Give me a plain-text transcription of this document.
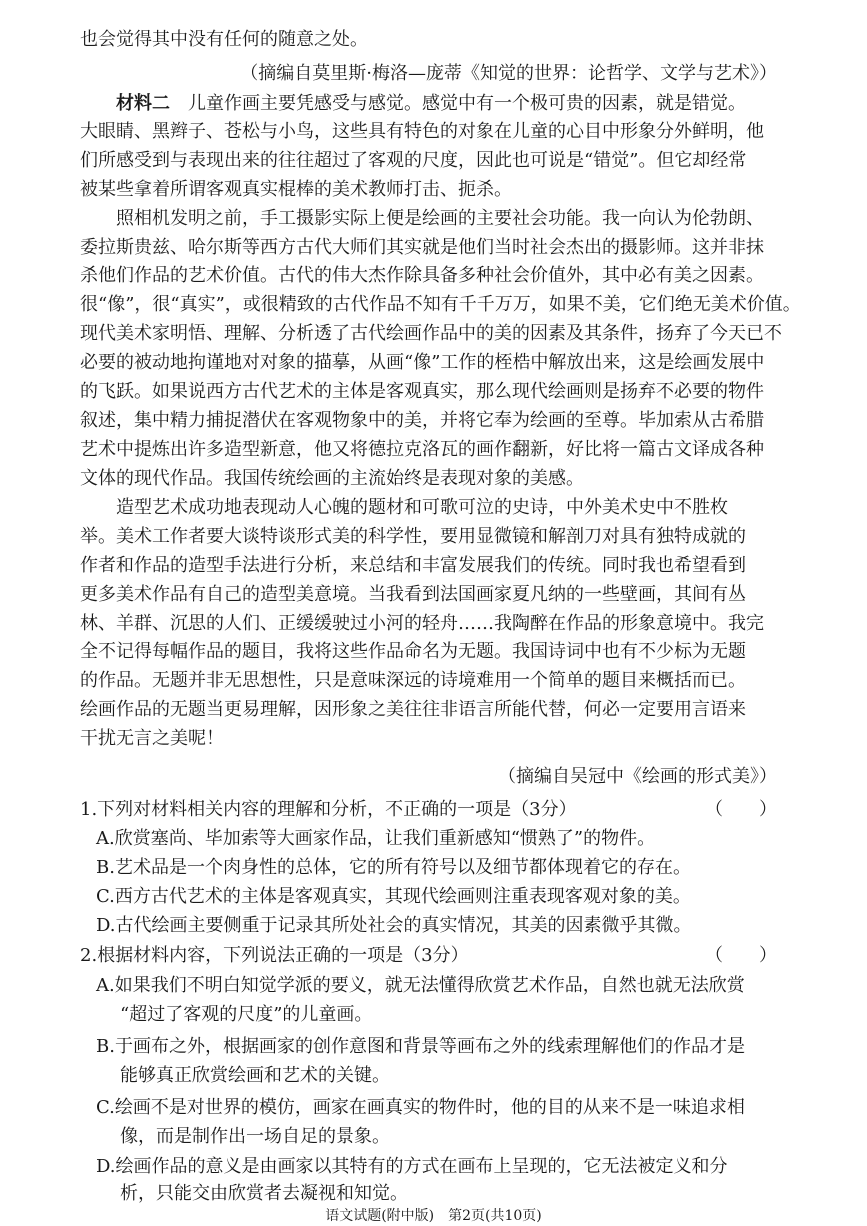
也会觉得其中没有任何的随意之处。
（摘编自莫里斯·梅洛—庞蒂《知觉的世界：论哲学、文学与艺术》）
材料二　 儿童作画主要凭感受与感觉。感觉中有一个极可贵的因素，就是错觉。
大眼睛、黑辫子、苍松与小鸟，这些具有特色的对象在儿童的心目中形象分外鲜明，他
们所感受到与表现出来的往往超过了客观的尺度，因此也可说是“错觉”。但它却经常
被某些拿着所谓客观真实棍棒的美术教师打击、扼杀。
照相机发明之前，手工摄影实际上便是绘画的主要社会功能。我一向认为伦勃朗、
委拉斯贵兹、哈尔斯等西方古代大师们其实就是他们当时社会杰出的摄影师。这并非抹
杀他们作品的艺术价值。古代的伟大杰作除具备多种社会价值外，其中必有美之因素。
很“像”，很“真实”，或很精致的古代作品不知有千千万万，如果不美，它们绝无美术价值。
现代美术家明悟、理解、分析透了古代绘画作品中的美的因素及其条件，扬弃了今天已不
必要的被动地拘谨地对对象的描摹，从画“像”工作的桎梏中解放出来，这是绘画发展中
的飞跃。如果说西方古代艺术的主体是客观真实，那么现代绘画则是扬弃不必要的物件
叙述，集中精力捕捉潜伏在客观物象中的美，并将它奉为绘画的至尊。毕加索从古希腊
艺术中提炼出许多造型新意，他又将德拉克洛瓦的画作翻新，好比将一篇古文译成各种
文体的现代作品。我国传统绘画的主流始终是表现对象的美感。
造型艺术成功地表现动人心魄的题材和可歌可泣的史诗，中外美术史中不胜枚
举。美术工作者要大谈特谈形式美的科学性，要用显微镜和解剖刀对具有独特成就的
作者和作品的造型手法进行分析，来总结和丰富发展我们的传统。同时我也希望看到
更多美术作品有自己的造型美意境。当我看到法国画家夏凡纳的一些壁画，其间有丛
林、羊群、沉思的人们、正缓缓驶过小河的轻舟……我陶醉在作品的形象意境中。我完
全不记得每幅作品的题目，我将这些作品命名为无题。我国诗词中也有不少标为无题
的作品。无题并非无思想性，只是意味深远的诗境难用一个简单的题目来概括而已。
绘画作品的无题当更易理解，因形象之美往往非语言所能代替，何必一定要用言语来
干扰无言之美呢！
（摘编自吴冠中《绘画的形式美》）
1.下列对材料相关内容的理解和分析，不正确的一项是（3分）	（　　）
A.欣赏塞尚、毕加索等大画家作品，让我们重新感知“惯熟了”的物件。
B.艺术品是一个肉身性的总体，它的所有符号以及细节都体现着它的存在。
C.西方古代艺术的主体是客观真实，其现代绘画则注重表现客观对象的美。
D.古代绘画主要侧重于记录其所处社会的真实情况，其美的因素微乎其微。
2.根据材料内容，下列说法正确的一项是（3分）	（　　）
A.如果我们不明白知觉学派的要义，就无法懂得欣赏艺术作品，自然也就无法欣赏
“超过了客观的尺度”的儿童画。
B.于画布之外，根据画家的创作意图和背景等画布之外的线索理解他们的作品才是
能够真正欣赏绘画和艺术的关键。
C.绘画不是对世界的模仿，画家在画真实的物件时，他的目的从来不是一味追求相
像，而是制作出一场自足的景象。
D.绘画作品的意义是由画家以其特有的方式在画布上呈现的，它无法被定义和分
析，只能交由欣赏者去凝视和知觉。
语文试题(附中版)　第2页(共10页)
